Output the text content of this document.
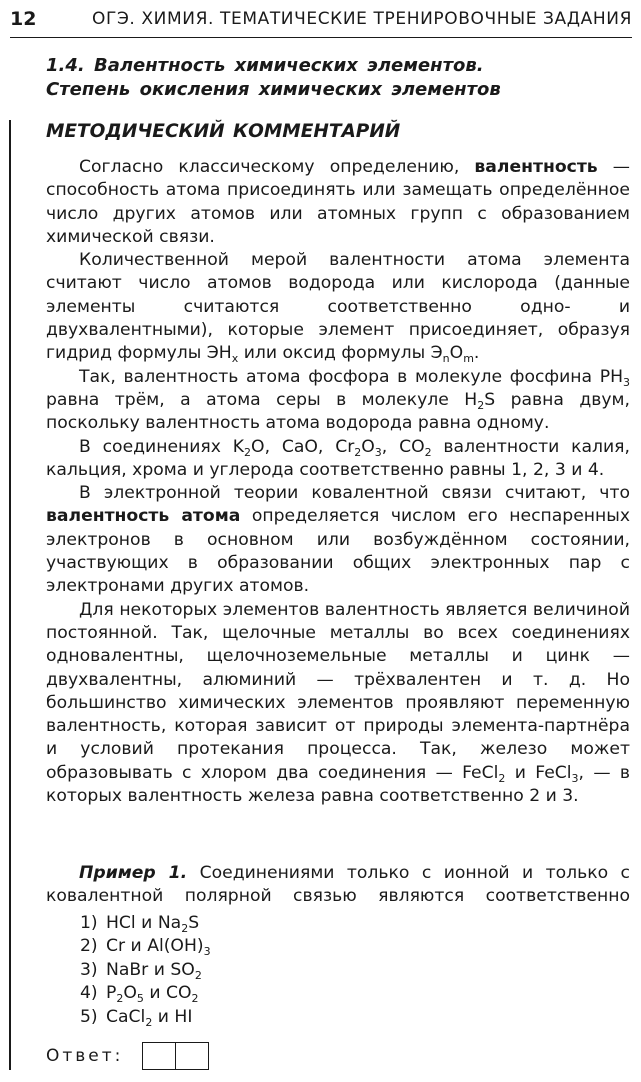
12	ОГЭ. ХИМИЯ. ТЕМАТИЧЕСКИЕ ТРЕНИРОВОЧНЫЕ ЗАДАНИЯ
1.4. Валентность химических элементов.
Степень окисления химических элементов
МЕТОДИЧЕСКИЙ КОММЕНТАРИЙ

Согласно классическому определению, валентность — способность атома присоединять или замещать определённое число других атомов или атомных групп с образованием химической связи.

Количественной мерой валентности атома элемента считают число атомов водорода или кислорода (данные элементы считаются соответственно одно- и двухвалентными), которые элемент присоединяет, образуя гидрид формулы $ЭH_x$ или оксид формулы $Э_nO_m$.

Так, валентность атома фосфора в молекуле фосфина $PH_3$ равна трём, а атома серы в молекуле $H_2S$ равна двум, поскольку валентность атома водорода равна одному.

В соединениях $K_2O$, CaO, $Cr_2O_3$, $CO_2$ валентности калия, кальция, хрома и углерода соответственно равны 1, 2, 3 и 4.

В электронной теории ковалентной связи считают, что валентность атома определяется числом его неспаренных электронов в основном или возбуждённом состоянии, участвующих в образовании общих электронных пар с электронами других атомов.

Для некоторых элементов валентность является величиной постоянной. Так, щелочные металлы во всех соединениях одновалентны, щелочноземельные металлы и цинк — двухвалентны, алюминий — трёхвалентен и т. д. Но большинство химических элементов проявляют переменную валентность, которая зависит от природы элемента-партнёра и условий протекания процесса. Так, железо может образовывать с хлором два соединения — FeCl$_2$ и FeCl$_3$, — в которых валентность железа равна соответственно 2 и 3.

Пример 1. Соединениями только с ионной и только с ковалентной полярной связью являются соответственно

1) HCl и $Na_2S$
2) Cr и $Al(OH)_3$
3) NaBr и $SO_2$
4) $P_2O_5$ и $CO_2$
5) CaCl$_2$ и HI
Ответ:
